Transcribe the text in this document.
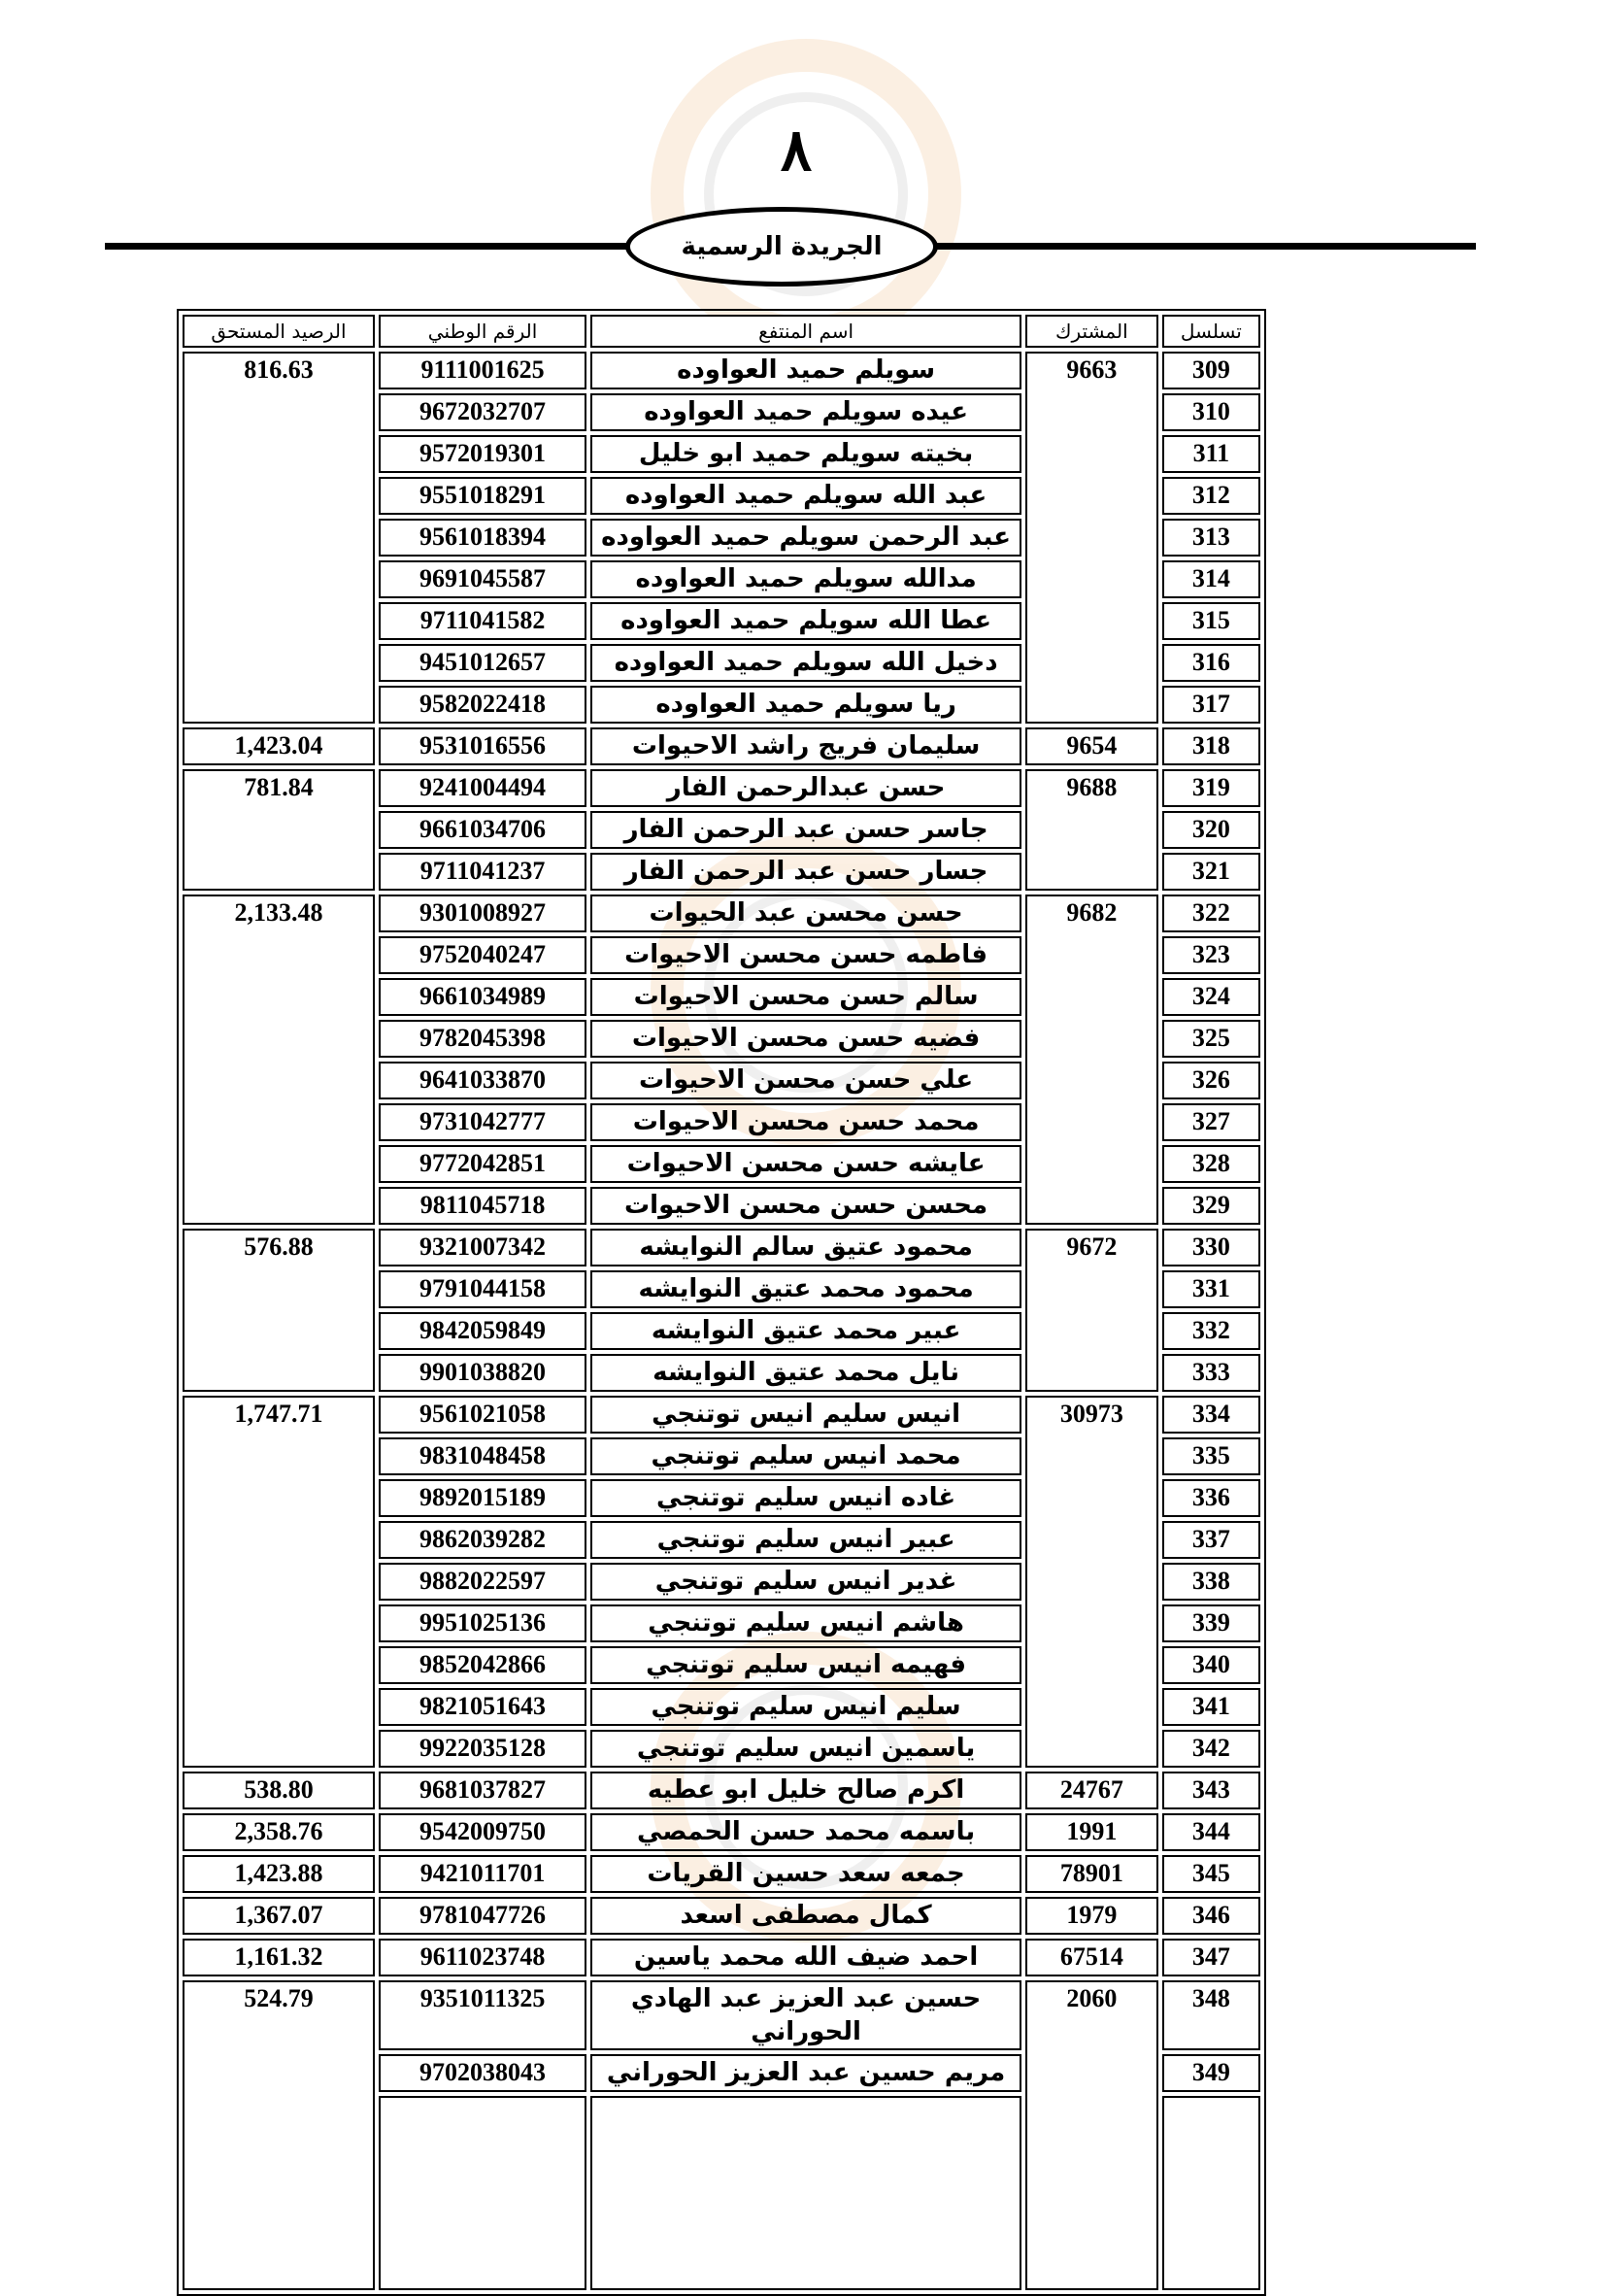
٨
الجريدة الرسمية
تسلسل	المشترك	اسم المنتفع	الرقم الوطني	الرصيد المستحق
309	9663	سويلم حميد العواوده	9111001625	816.63
310		عيده سويلم حميد العواوده	9672032707	
311		بخيته سويلم حميد ابو خليل	9572019301	
312		عبد الله سويلم حميد العواوده	9551018291	
313		عبد الرحمن سويلم حميد العواوده	9561018394	
314		مدالله سويلم حميد العواوده	9691045587	
315		عطا الله سويلم حميد العواوده	9711041582	
316		دخيل الله سويلم حميد العواوده	9451012657	
317		ريا سويلم حميد العواوده	9582022418	
318	9654	سليمان فريج راشد الاحيوات	9531016556	1,423.04
319	9688	حسن عبدالرحمن الفار	9241004494	781.84
320		جاسر حسن عبد الرحمن الفار	9661034706	
321		جسار حسن عبد الرحمن الفار	9711041237	
322	9682	حسن محسن عبد الحيوات	9301008927	2,133.48
323		فاطمه حسن محسن الاحيوات	9752040247	
324		سالم حسن محسن الاحيوات	9661034989	
325		فضيه حسن محسن الاحيوات	9782045398	
326		علي حسن محسن الاحيوات	9641033870	
327		محمد حسن محسن الاحيوات	9731042777	
328		عايشه حسن محسن الاحيوات	9772042851	
329		محسن حسن محسن الاحيوات	9811045718	
330	9672	محمود عتيق سالم النوايشه	9321007342	576.88
331		محمود محمد عتيق النوايشه	9791044158	
332		عبير محمد عتيق النوايشه	9842059849	
333		نايل محمد عتيق النوايشه	9901038820	
334	30973	انيس سليم انيس توتنجي	9561021058	1,747.71
335		محمد انيس سليم توتنجي	9831048458	
336		غاده انيس سليم توتنجي	9892015189	
337		عبير انيس سليم توتنجي	9862039282	
338		غدير انيس سليم توتنجي	9882022597	
339		هاشم انيس سليم توتنجي	9951025136	
340		فهيمه انيس سليم توتنجي	9852042866	
341		سليم انيس سليم توتنجي	9821051643	
342		ياسمين انيس سليم توتنجي	9922035128	
343	24767	اكرم صالح خليل ابو عطيه	9681037827	538.80
344	1991	باسمه محمد حسن الحمصي	9542009750	2,358.76
345	78901	جمعه سعد حسين القريات	9421011701	1,423.88
346	1979	كمال مصطفى اسعد	9781047726	1,367.07
347	67514	احمد ضيف الله محمد ياسين	9611023748	1,161.32
348	2060	حسين عبد العزيز عبد الهادي الحوراني	9351011325	524.79
349		مريم حسين عبد العزيز الحوراني	9702038043	
